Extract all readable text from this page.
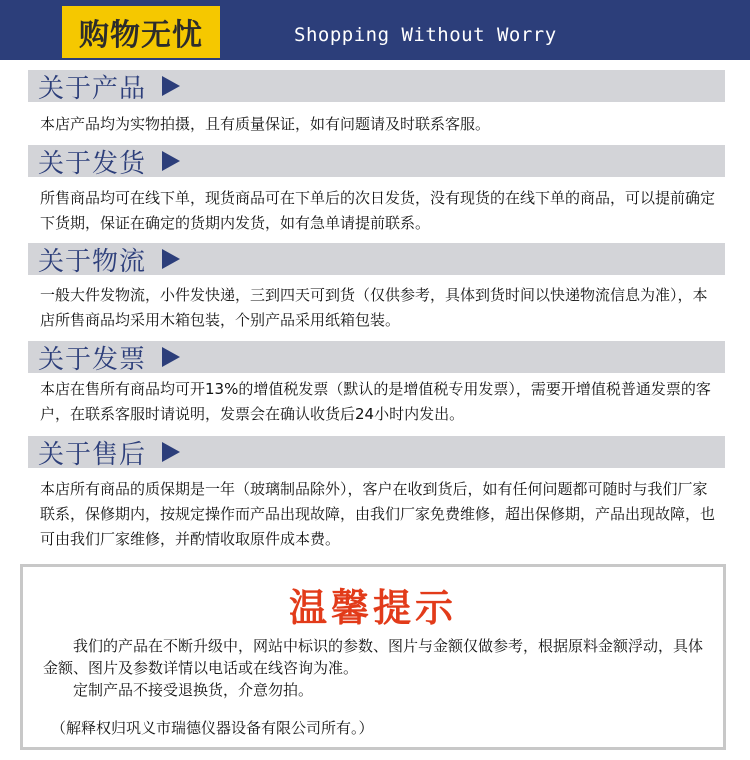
购物无忧	Shopping Without Worry
关于产品
本店产品均为实物拍摄，且有质量保证，如有问题请及时联系客服。
关于发货
所售商品均可在线下单，现货商品可在下单后的次日发货，没有现货的在线下单的商品，可以提前确定下货期，保证在确定的货期内发货，如有急单请提前联系。
关于物流
一般大件发物流，小件发快递，三到四天可到货（仅供参考，具体到货时间以快递物流信息为准），本店所售商品均采用木箱包装，个别产品采用纸箱包装。
关于发票
本店在售所有商品均可开13%的增值税发票（默认的是增值税专用发票），需要开增值税普通发票的客户，在联系客服时请说明，发票会在确认收货后24小时内发出。
关于售后
本店所有商品的质保期是一年（玻璃制品除外），客户在收到货后，如有任何问题都可随时与我们厂家联系，保修期内，按规定操作而产品出现故障，由我们厂家免费维修，超出保修期，产品出现故障，也可由我们厂家维修，并酌情收取原件成本费。
温馨提示
我们的产品在不断升级中，网站中标识的参数、图片与金额仅做参考，根据原料金额浮动，具体金额、图片及参数详情以电话或在线咨询为准。
定制产品不接受退换货，介意勿拍。
（解释权归巩义市瑞德仪器设备有限公司所有。）
